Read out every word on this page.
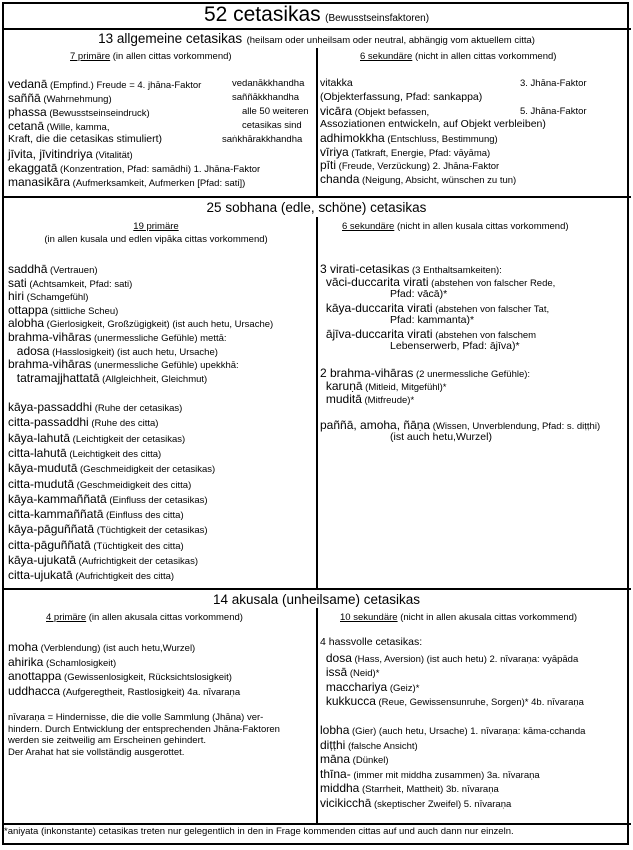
52 cetasikas (Bewusstseinsfaktoren)
13 allgemeine cetasikas (heilsam oder unheilsam oder neutral, abhängig vom aktuellem citta)
7 primäre (in allen cittas vorkommend)	6 sekundäre (nicht in allen cittas vorkommend)
vedanā (Empfind.) Freude = 4. jhāna-Faktor
saññā (Wahrnehmung)
phassa (Bewusstseinseindruck)
cetanā (Wille, kamma,
Kraft, die die cetasikas stimuliert)
jīvita, jīvitindriya (Vitalität)
ekaggatā (Konzentration, Pfad: samādhi) 1. Jhāna-Faktor
manasikāra (Aufmerksamkeit, Aufmerken [Pfad: sati])
vitakka
(Objekterfassung, Pfad: sankappa)
vicāra (Objekt befassen,
Assoziationen entwickeln, auf Objekt verbleiben)
adhimokkha (Entschluss, Bestimmung)
vīriya (Tatkraft, Energie, Pfad: vāyāma)
pīti (Freude, Verzückung) 2. Jhāna-Faktor
chanda (Neigung, Absicht, wünschen zu tun)
vedanākkhandha
saññākkhandha
alle 50 weiteren
cetasikas sind
saṅkhārakkhandha
3. Jhāna-Faktor
5. Jhāna-Faktor
25 sobhana (edle, schöne) cetasikas
19 primäre
(in allen kusala und edlen vipāka cittas vorkommend)
6 sekundäre (nicht in allen kusala cittas vorkommend)
saddhā (Vertrauen)
sati (Achtsamkeit, Pfad: sati)
hiri (Schamgefühl)
ottappa (sittliche Scheu)
alobha (Gierlosigkeit, Großzügigkeit) (ist auch hetu, Ursache)
brahma-vihāras (unermessliche Gefühle) mettā:
adosa (Hasslosigkeit) (ist auch hetu, Ursache)
brahma-vihāras (unermessliche Gefühle) upekkhā:
tatramajjhattatā (Allgleichheit, Gleichmut)
kāya-passaddhi (Ruhe der cetasikas)
citta-passaddhi (Ruhe des citta)
kāya-lahutā (Leichtigkeit der cetasikas)
citta-lahutā (Leichtigkeit des citta)
kāya-mudutā (Geschmeidigkeit der cetasikas)
citta-mudutā (Geschmeidigkeit des citta)
kāya-kammaññatā (Einfluss der cetasikas)
citta-kammaññatā (Einfluss des citta)
kāya-pāguññatā (Tüchtigkeit der cetasikas)
citta-pāguññatā (Tüchtigkeit des citta)
kāya-ujukatā (Aufrichtigkeit der cetasikas)
citta-ujukatā (Aufrichtigkeit des citta)
3 virati-cetasikas (3 Enthaltsamkeiten):
vāci-duccarita virati (abstehen von falscher Rede,
Pfad: vācā)*
kāya-duccarita virati (abstehen von falscher Tat,
Pfad: kammanta)*
ājīva-duccarita virati (abstehen von falschem
Lebenserwerb, Pfad: ājīva)*
2 brahma-vihāras (2 unermessliche Gefühle):
karuṇā (Mitleid, Mitgefühl)*
muditā (Mitfreude)*
paññā, amoha, ñāṇa (Wissen, Unverblendung, Pfad: s. diṭṭhi)
(ist auch hetu,Wurzel)
14 akusala (unheilsame) cetasikas
4 primäre (in allen akusala cittas vorkommend)	10 sekundäre (nicht in allen akusala cittas vorkommend)
moha (Verblendung) (ist auch hetu,Wurzel)
ahirika (Schamlosigkeit)
anottappa (Gewissenlosigkeit, Rücksichtslosigkeit)
uddhacca (Aufgeregtheit, Rastlosigkeit) 4a. nīvaraṇa
nīvaraṇa = Hindernisse, die die volle Sammlung (Jhāna) ver-
hindern. Durch Entwicklung der entsprechenden Jhāna-Faktoren
werden sie zeitweilig am Erscheinen gehindert.
Der Arahat hat sie vollständig ausgerottet.
4 hassvolle cetasikas:
dosa (Hass, Aversion) (ist auch hetu) 2. nīvaraṇa: vyāpāda
issā (Neid)*
macchariya (Geiz)*
kukkucca (Reue, Gewissensunruhe, Sorgen)* 4b. nīvaraṇa
lobha (Gier) (auch hetu, Ursache) 1. nīvaraṇa: kāma-cchanda
diṭṭhi (falsche Ansicht)
māna (Dünkel)
thīna- (immer mit middha zusammen) 3a. nīvaraṇa
middha (Starrheit, Mattheit) 3b. nīvaraṇa
vicikicchā (skeptischer Zweifel) 5. nīvaraṇa
*aniyata (inkonstante) cetasikas treten nur gelegentlich in den in Frage kommenden cittas auf und auch dann nur einzeln.
